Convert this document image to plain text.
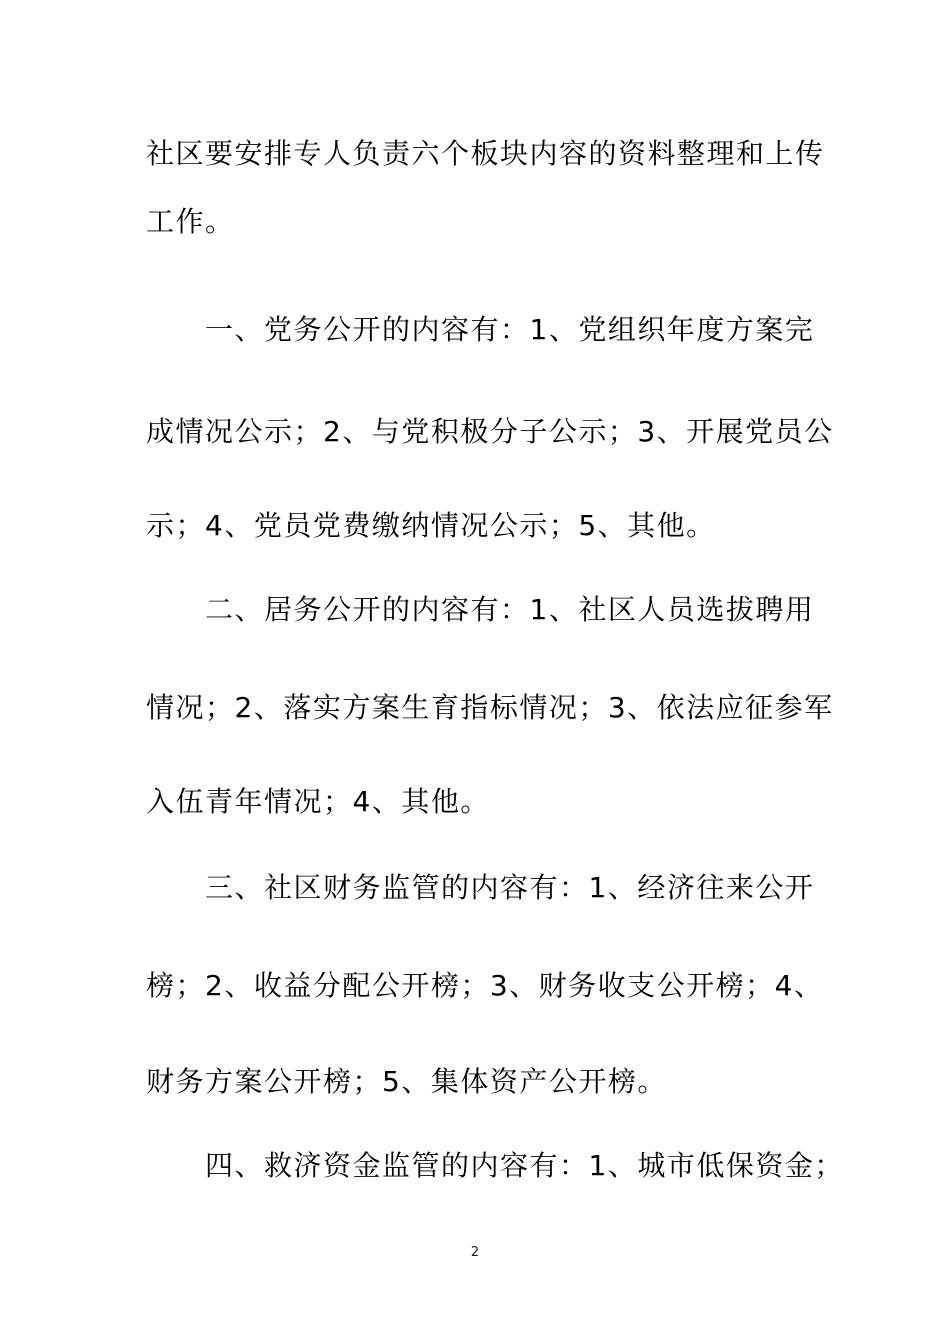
社区要安排专人负责六个板块内容的资料整理和上传
工作。
一、党务公开的内容有：1、党组织年度方案完
成情况公示；2、与党积极分子公示；3、开展党员公
示；4、党员党费缴纳情况公示；5、其他。
二、居务公开的内容有：1、社区人员选拔聘用
情况；2、落实方案生育指标情况；3、依法应征参军
入伍青年情况；4、其他。
三、社区财务监管的内容有：1、经济往来公开
榜；2、收益分配公开榜；3、财务收支公开榜；4、
财务方案公开榜；5、集体资产公开榜。
四、救济资金监管的内容有：1、城市低保资金；
2
